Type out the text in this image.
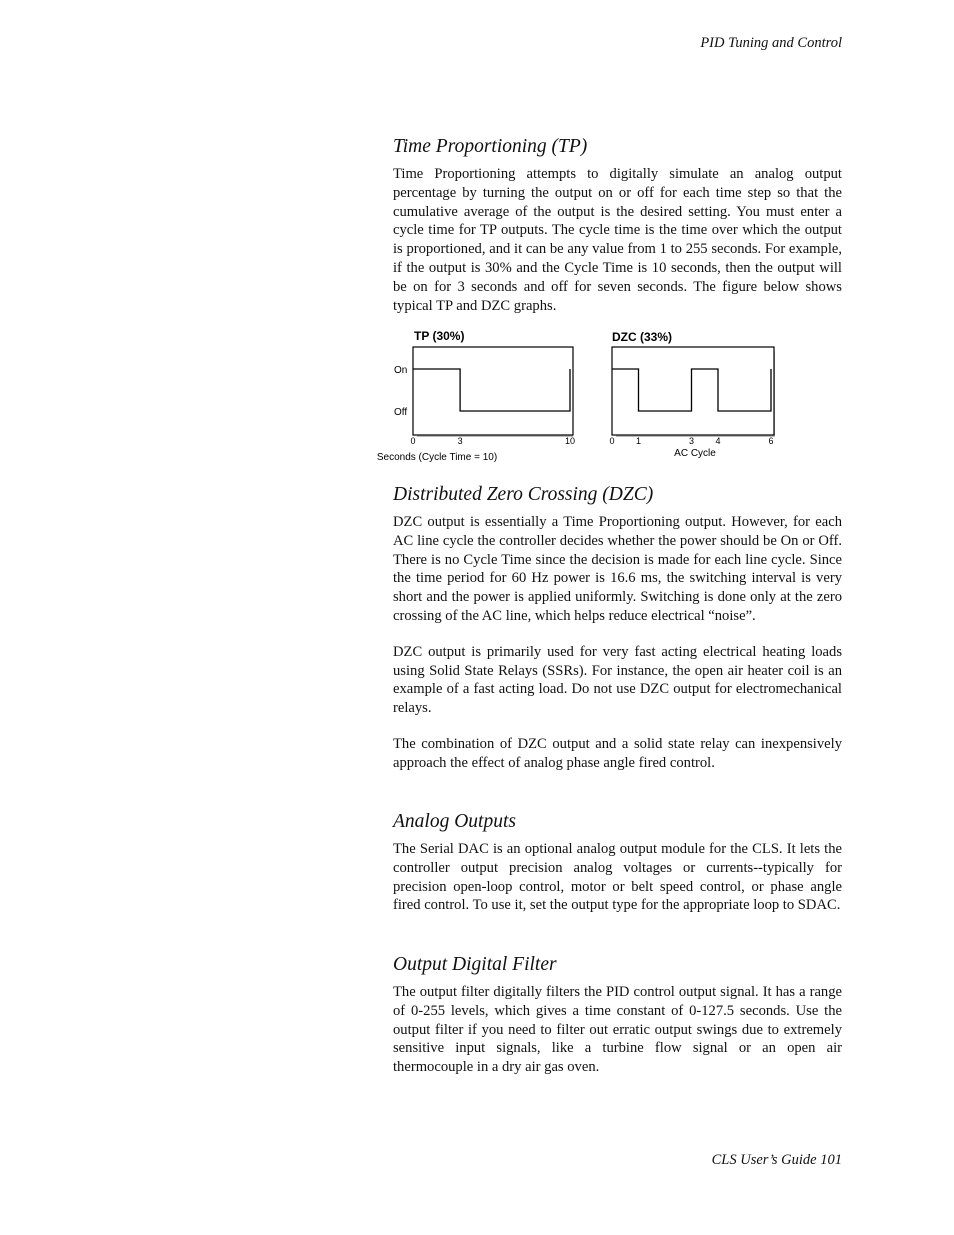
PID Tuning and Control
Time Proportioning (TP)

Time Proportioning attempts to digitally simulate an analog output percentage by turning the output on or off for each time step so that the cumulative average of the output is the desired setting. You must enter a cycle time for TP outputs. The cycle time is the time over which the output is proportioned, and it can be any value from 1 to 255 seconds. For example, if the output is 30% and the Cycle Time is 10 seconds, then the output will be on for 3 seconds and off for seven seconds. The figure below shows typical TP and DZC graphs.

TP (30%)
On
Off
0	3	10
Seconds (Cycle Time = 10)
DZC (33%)
0 1	3 4	6
AC Cycle
Distributed Zero Crossing (DZC)

DZC output is essentially a Time Proportioning output. However, for each AC line cycle the controller decides whether the power should be On or Off. There is no Cycle Time since the decision is made for each line cycle. Since the time period for 60 Hz power is 16.6 ms, the switching interval is very short and the power is applied uniformly. Switching is done only at the zero crossing of the AC line, which helps reduce electrical “noise”.

DZC output is primarily used for very fast acting electrical heating loads using Solid State Relays (SSRs). For instance, the open air heater coil is an example of a fast acting load. Do not use DZC output for electromechanical relays.

The combination of DZC output and a solid state relay can inexpensively approach the effect of analog phase angle fired control.

Analog Outputs

The Serial DAC is an optional analog output module for the CLS. It lets the controller output precision analog voltages or currents--typically for precision open-loop control, motor or belt speed control, or phase angle fired control. To use it, set the output type for the appropriate loop to SDAC.

Output Digital Filter

The output filter digitally filters the PID control output signal. It has a range of 0-255 levels, which gives a time constant of 0-127.5 seconds. Use the output filter if you need to filter out erratic output swings due to extremely sensitive input signals, like a turbine flow signal or an open air thermocouple in a dry air gas oven.

CLS User’s Guide 101
